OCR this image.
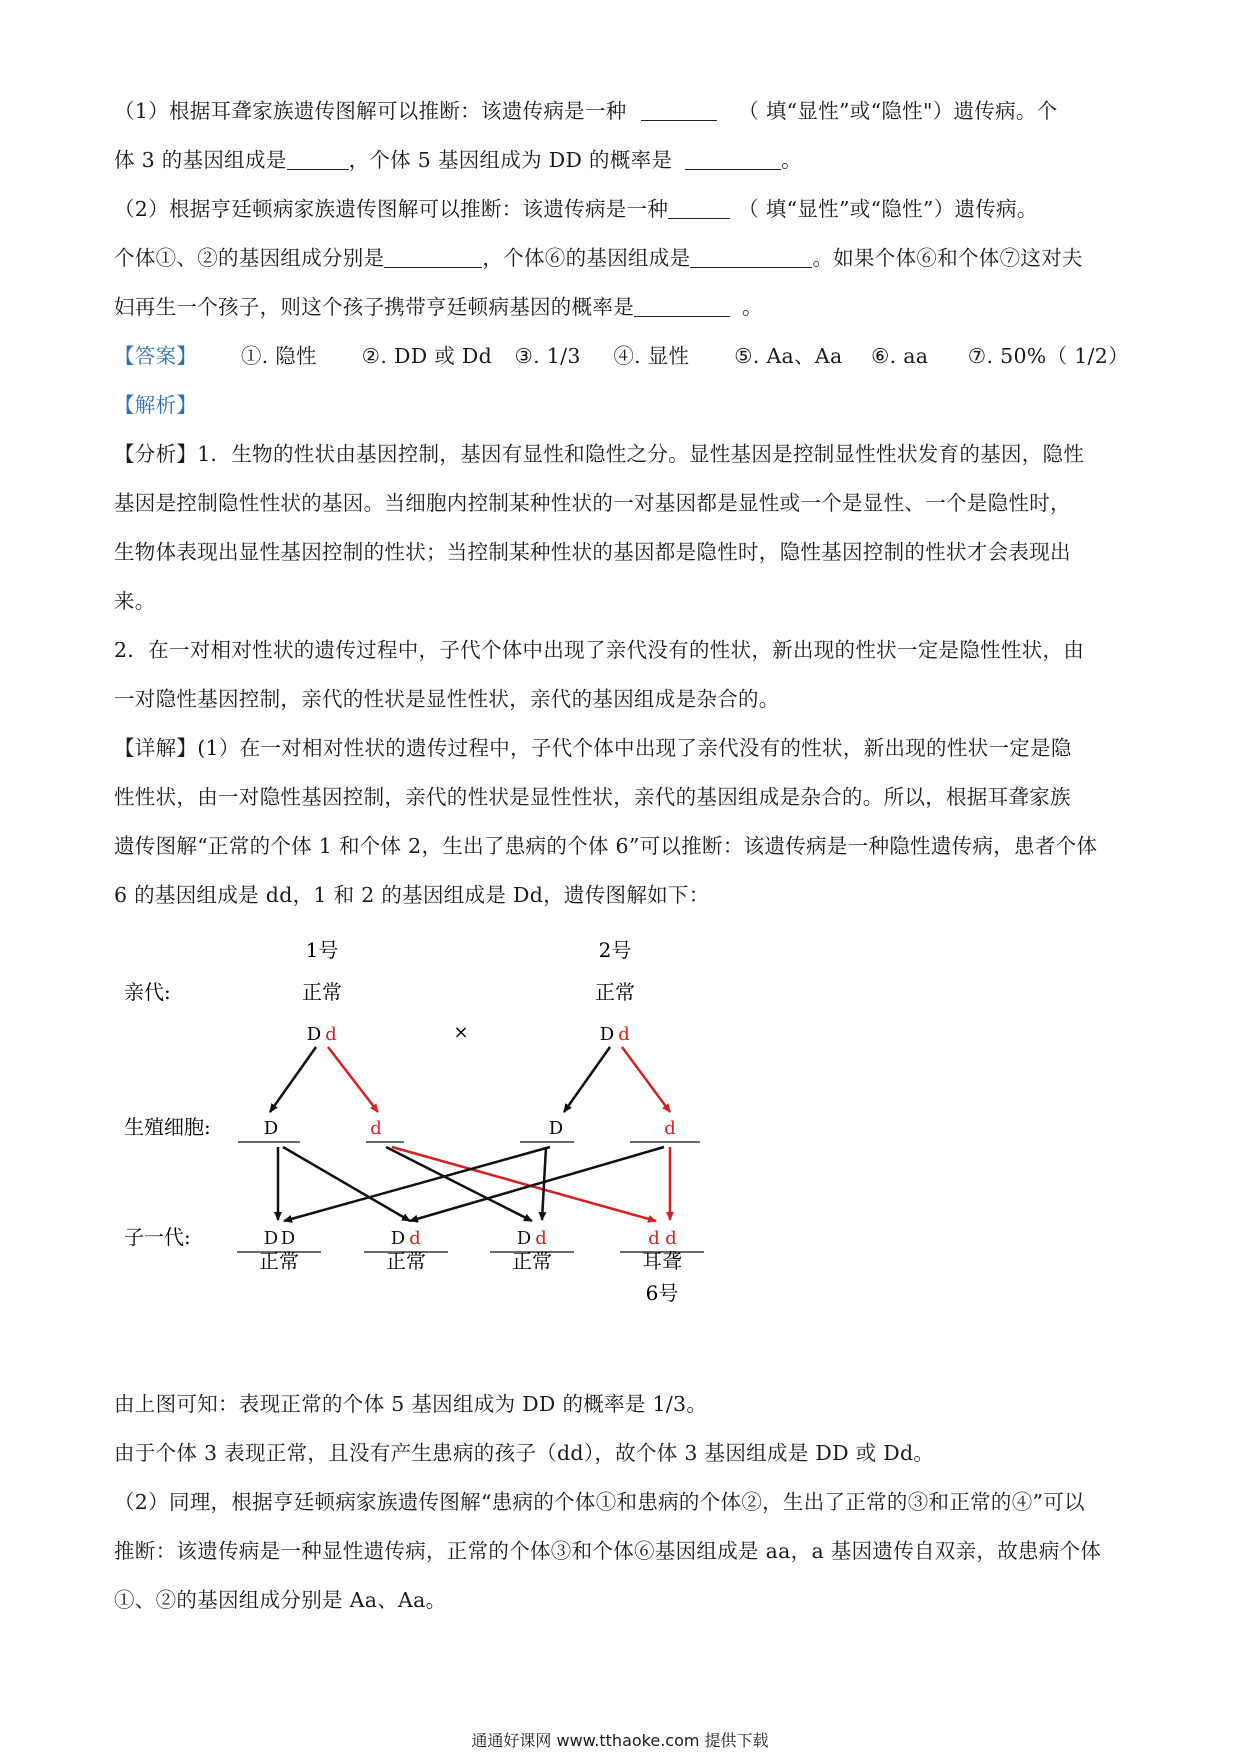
（1）根据耳聋家族遗传图解可以推断：该遗传病是一种	（ 填“显性”或“隐性"）遗传病。个
体 3 的基因组成是	，个体 5 基因组成为 DD 的概率是	。
（2）根据亨廷顿病家族遗传图解可以推断：该遗传病是一种	（ 填“显性”或“隐性”）遗传病。
个体①、②的基因组成分别是	，个体⑥的基因组成是	。如果个体⑥和个体⑦这对夫
妇再生一个孩子，则这个孩子携带亨廷顿病基因的概率是	。
【答案】 ①. 隐性 ②. DD 或 Dd ③. 1/3 ④. 显性 ⑤. Aa、Aa ⑥. aa ⑦. 50%（ 1/2）
【解析】
【分析】1．生物的性状由基因控制，基因有显性和隐性之分。显性基因是控制显性性状发育的基因，隐性
基因是控制隐性性状的基因。当细胞内控制某种性状的一对基因都是显性或一个是显性、一个是隐性时，
生物体表现出显性基因控制的性状；当控制某种性状的基因都是隐性时，隐性基因控制的性状才会表现出
来。
2．在一对相对性状的遗传过程中，子代个体中出现了亲代没有的性状，新出现的性状一定是隐性性状，由
一对隐性基因控制，亲代的性状是显性性状，亲代的基因组成是杂合的。
【详解】(1）在一对相对性状的遗传过程中，子代个体中出现了亲代没有的性状，新出现的性状一定是隐
性性状，由一对隐性基因控制，亲代的性状是显性性状，亲代的基因组成是杂合的。所以，根据耳聋家族
遗传图解“正常的个体 1 和个体 2，生出了患病的个体 6”可以推断：该遗传病是一种隐性遗传病，患者个体
6 的基因组成是 dd，1 和 2 的基因组成是 Dd，遗传图解如下：
亲代:
生殖细胞:
子一代:
1号	2号
正常	正常
D d	D d
×
D	d	D	d
D D
正常
D d
正常
D d
正常
d d
耳聋
6号
由上图可知：表现正常的个体 5 基因组成为 DD 的概率是 1/3。
由于个体 3 表现正常，且没有产生患病的孩子（dd），故个体 3 基因组成是 DD 或 Dd。
（2）同理，根据亨廷顿病家族遗传图解“患病的个体①和患病的个体②，生出了正常的③和正常的④”可以
推断：该遗传病是一种显性遗传病，正常的个体③和个体⑥基因组成是 aa，a 基因遗传自双亲，故患病个体
①、②的基因组成分别是 Aa、Aa。
通通好课网 www.tthaoke.com 提供下载
